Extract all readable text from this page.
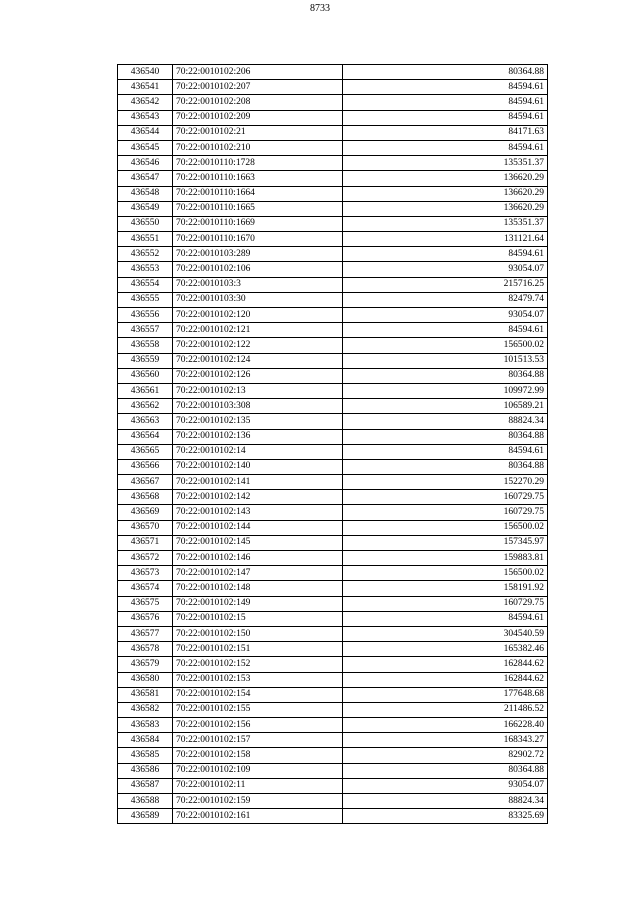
8733
436540	70:22:0010102:206	80364.88
436541	70:22:0010102:207	84594.61
436542	70:22:0010102:208	84594.61
436543	70:22:0010102:209	84594.61
436544	70:22:0010102:21	84171.63
436545	70:22:0010102:210	84594.61
436546	70:22:0010110:1728	135351.37
436547	70:22:0010110:1663	136620.29
436548	70:22:0010110:1664	136620.29
436549	70:22:0010110:1665	136620.29
436550	70:22:0010110:1669	135351.37
436551	70:22:0010110:1670	131121.64
436552	70:22:0010103:289	84594.61
436553	70:22:0010102:106	93054.07
436554	70:22:0010103:3	215716.25
436555	70:22:0010103:30	82479.74
436556	70:22:0010102:120	93054.07
436557	70:22:0010102:121	84594.61
436558	70:22:0010102:122	156500.02
436559	70:22:0010102:124	101513.53
436560	70:22:0010102:126	80364.88
436561	70:22:0010102:13	109972.99
436562	70:22:0010103:308	106589.21
436563	70:22:0010102:135	88824.34
436564	70:22:0010102:136	80364.88
436565	70:22:0010102:14	84594.61
436566	70:22:0010102:140	80364.88
436567	70:22:0010102:141	152270.29
436568	70:22:0010102:142	160729.75
436569	70:22:0010102:143	160729.75
436570	70:22:0010102:144	156500.02
436571	70:22:0010102:145	157345.97
436572	70:22:0010102:146	159883.81
436573	70:22:0010102:147	156500.02
436574	70:22:0010102:148	158191.92
436575	70:22:0010102:149	160729.75
436576	70:22:0010102:15	84594.61
436577	70:22:0010102:150	304540.59
436578	70:22:0010102:151	165382.46
436579	70:22:0010102:152	162844.62
436580	70:22:0010102:153	162844.62
436581	70:22:0010102:154	177648.68
436582	70:22:0010102:155	211486.52
436583	70:22:0010102:156	166228.40
436584	70:22:0010102:157	168343.27
436585	70:22:0010102:158	82902.72
436586	70:22:0010102:109	80364.88
436587	70:22:0010102:11	93054.07
436588	70:22:0010102:159	88824.34
436589	70:22:0010102:161	83325.69
